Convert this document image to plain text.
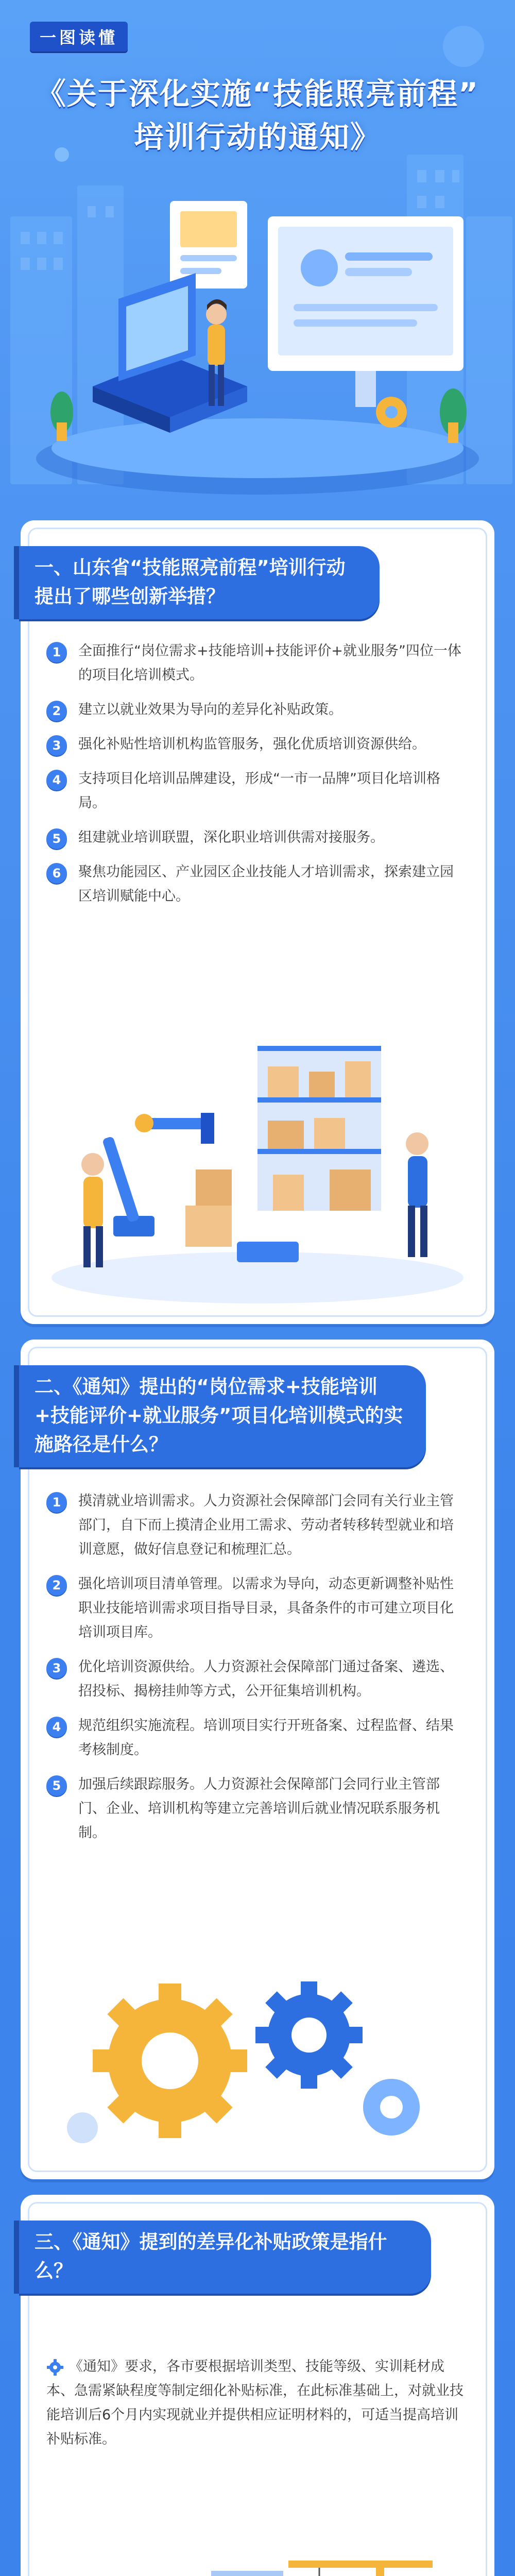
一图读懂
《关于深化实施“技能照亮前程”
培训行动的通知》
一、山东省“技能照亮前程”培训行动提出了哪些创新举措？
1	全面推行“岗位需求+技能培训+技能评价+就业服务”四位一体的项目化培训模式。
2	建立以就业效果为导向的差异化补贴政策。
3	强化补贴性培训机构监管服务，强化优质培训资源供给。
4	支持项目化培训品牌建设，形成“一市一品牌”项目化培训格局。
5	组建就业培训联盟，深化职业培训供需对接服务。
6	聚焦功能园区、产业园区企业技能人才培训需求，探索建立园区培训赋能中心。
二、《通知》提出的“岗位需求+技能培训+技能评价+就业服务”项目化培训模式的实施路径是什么？
1	摸清就业培训需求。人力资源社会保障部门会同有关行业主管部门，自下而上摸清企业用工需求、劳动者转移转型就业和培训意愿，做好信息登记和梳理汇总。
2	强化培训项目清单管理。以需求为导向，动态更新调整补贴性职业技能培训需求项目指导目录，具备条件的市可建立项目化培训项目库。
3	优化培训资源供给。人力资源社会保障部门通过备案、遴选、招投标、揭榜挂帅等方式，公开征集培训机构。
4	规范组织实施流程。培训项目实行开班备案、过程监督、结果考核制度。
5	加强后续跟踪服务。人力资源社会保障部门会同行业主管部门、企业、培训机构等建立完善培训后就业情况联系服务机制。
三、《通知》提到的差异化补贴政策是指什么？
《通知》要求，各市要根据培训类型、技能等级、实训耗材成本、急需紧缺程度等制定细化补贴标准，在此标准基础上，对就业技能培训后6个月内实现就业并提供相应证明材料的，可适当提高培训补贴标准。
